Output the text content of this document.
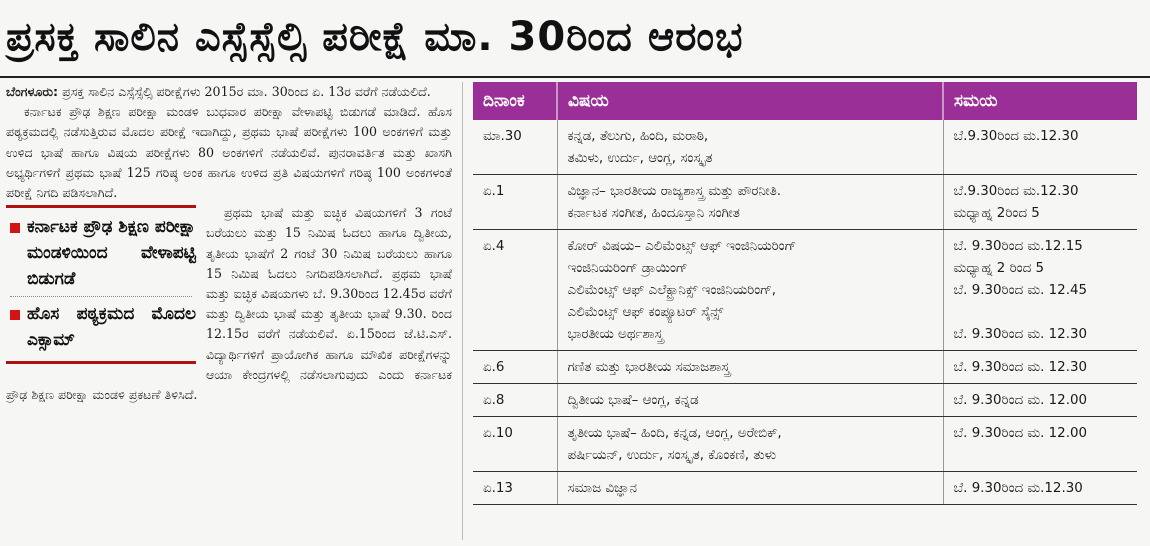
ಪ್ರಸಕ್ತ ಸಾಲಿನ ಎಸ್ಸೆಸ್ಸೆಲ್ಸಿ ಪರೀಕ್ಷೆ ಮಾ. 30ರಿಂದ ಆರಂಭ

ಬೆಂಗಳೂರು: ಪ್ರಸಕ್ತ ಸಾಲಿನ ಎಸ್ಸೆಸ್ಸೆಲ್ಸಿ ಪರೀಕ್ಷೆಗಳು 2015ರ ಮಾ. 30ರಿಂದ ಏ. 13ರ ವರೆಗೆ ನಡೆಯಲಿದೆ.

ಕರ್ನಾಟಕ ಪ್ರೌಢ ಶಿಕ್ಷಣ ಪರೀಕ್ಷಾ ಮಂಡಳಿ ಬುಧವಾರ ಪರೀಕ್ಷಾ ವೇಳಾಪಟ್ಟಿ ಬಿಡುಗಡೆ ಮಾಡಿದೆ. ಹೊಸ ಪಠ್ಯಕ್ರಮದಲ್ಲಿ ನಡೆಸುತ್ತಿರುವ ಮೊದಲ ಪರೀಕ್ಷೆ ಇದಾಗಿದ್ದು, ಪ್ರಥಮ ಭಾಷೆ ಪರೀಕ್ಷೆಗಳು 100 ಅಂಕಗಳಿಗೆ ಮತ್ತು ಉಳಿದ ಭಾಷೆ ಹಾಗೂ ವಿಷಯ ಪರೀಕ್ಷೆಗಳು 80 ಅಂಕಗಳಿಗೆ ನಡೆಯಲಿವೆ. ಪುನರಾವರ್ತಿತ ಮತ್ತು ಖಾಸಗಿ ಅಭ್ಯರ್ಥಿಗಳಿಗೆ ಪ್ರಥಮ ಭಾಷೆ 125 ಗರಿಷ್ಠ ಅಂಕ ಹಾಗೂ ಉಳಿದ ಪ್ರತಿ ವಿಷಯಗಳಿಗೆ ಗರಿಷ್ಠ 100 ಅಂಕಗಳಂತೆ ಪರೀಕ್ಷೆ ನಿಗದಿ ಪಡಿಸಲಾಗಿದೆ.

ಕರ್ನಾಟಕ ಪ್ರೌಢ ಶಿಕ್ಷಣ ಪರೀಕ್ಷಾ ಮಂಡಳಿಯಿಂದ ವೇಳಾಪಟ್ಟಿ ಬಿಡುಗಡೆ
ಹೊಸ ಪಠ್ಯಕ್ರಮದ ಮೊದಲ ಎಕ್ಸಾಮ್

ಪ್ರಥಮ ಭಾಷೆ ಮತ್ತು ಐಚ್ಛಿಕ ವಿಷಯಗಳಿಗೆ 3 ಗಂಟೆ ಬರೆಯಲು ಮತ್ತು 15 ನಿಮಿಷ ಓದಲು ಹಾಗೂ ದ್ವಿತೀಯ, ತೃತೀಯ ಭಾಷೆಗೆ 2 ಗಂಟೆ 30 ನಿಮಿಷ ಬರೆಯಲು ಹಾಗೂ 15 ನಿಮಿಷ ಓದಲು ನಿಗದಿಪಡಿಸಲಾಗಿದೆ. ಪ್ರಥಮ ಭಾಷೆ ಮತ್ತು ಐಚ್ಛಿಕ ವಿಷಯಗಳು ಬೆ. 9.30ರಿಂದ 12.45ರ ವರೆಗೆ ಮತ್ತು ದ್ವಿತೀಯ ಭಾಷೆ ಮತ್ತು ತೃತೀಯ ಭಾಷೆ 9.30. ರಿಂದ 12.15ರ ವರೆಗೆ ನಡೆಯಲಿವೆ. ಏ.15ರಿಂದ ಜೆ.ಟಿ.ಎಸ್. ವಿದ್ಯಾರ್ಥಿಗಳಿಗೆ ಪ್ರಾಯೋಗಿಕ ಹಾಗೂ ಮೌಖಿಕ ಪರೀಕ್ಷೆಗಳನ್ನು ಆಯಾ ಕೇಂದ್ರಗಳಲ್ಲಿ ನಡೆಸಲಾಗುವುದು ಎಂದು ಕರ್ನಾಟಕ ಪ್ರೌಢ ಶಿಕ್ಷಣ ಪರೀಕ್ಷಾ ಮಂಡಳಿ ಪ್ರಕಟಣೆ ತಿಳಿಸಿದೆ.

ದಿನಾಂಕ	ವಿಷಯ	ಸಮಯ
ಮಾ.30	ಕನ್ನಡ, ತೆಲುಗು, ಹಿಂದಿ, ಮರಾಠಿ,
ತಮಿಳು, ಉರ್ದು, ಆಂಗ್ಲ, ಸಂಸ್ಕೃತ	ಬೆ.9.30ರಿಂದ ಮ.12.30

ಏ.1	ವಿಜ್ಞಾನ– ಭಾರತೀಯ ರಾಜ್ಯಶಾಸ್ತ್ರ ಮತ್ತು ಪೌರನೀತಿ.
ಕರ್ನಾಟಕ ಸಂಗೀತ, ಹಿಂದೂಸ್ತಾನಿ ಸಂಗೀತ	ಬೆ.9.30ರಿಂದ ಮ.12.30
ಮಧ್ಯಾಹ್ನ 2ರಿಂದ 5

ಏ.4	ಕೋರ್ ವಿಷಯ– ಎಲಿಮೆಂಟ್ಸ್ ಆಫ್ ಇಂಜಿನಿಯರಿಂಗ್
ಇಂಜಿನಿಯರಿಂಗ್ ಡ್ರಾಯಿಂಗ್
ಎಲಿಮೆಂಟ್ಸ್ ಆಫ್ ಎಲೆಕ್ಟ್ರಾನಿಕ್ಸ್ ಇಂಜಿನಿಯರಿಂಗ್,
ಎಲಿಮೆಂಟ್ಸ್ ಆಫ್ ಕಂಪ್ಯೂಟರ್ ಸೈನ್ಸ್
ಭಾರತೀಯ ಅರ್ಥಶಾಸ್ತ್ರ	ಬೆ. 9.30ರಿಂದ ಮ.12.15
ಮಧ್ಯಾಹ್ನ 2 ರಿಂದ 5
ಬೆ. 9.30ರಿಂದ ಮ. 12.45

ಬೆ. 9.30ರಿಂದ ಮ. 12.30

ಏ.6	ಗಣಿತ ಮತ್ತು ಭಾರತೀಯ ಸಮಾಜಶಾಸ್ತ್ರ	ಬೆ. 9.30ರಿಂದ ಮ. 12.30

ಏ.8	ದ್ವಿತೀಯ ಭಾಷೆ– ಆಂಗ್ಲ, ಕನ್ನಡ	ಬೆ. 9.30ರಿಂದ ಮ. 12.00

ಏ.10	ತೃತೀಯ ಭಾಷೆ– ಹಿಂದಿ, ಕನ್ನಡ, ಆಂಗ್ಲ, ಅರೇಬಿಕ್,
ಪರ್ಷಿಯನ್, ಉರ್ದು, ಸಂಸ್ಕೃತ, ಕೊಂಕಣಿ, ತುಳು	ಬೆ. 9.30ರಿಂದ ಮ. 12.00

ಏ.13	ಸಮಾಜ ವಿಜ್ಞಾನ	ಬೆ. 9.30ರಿಂದ ಮ.12.30
